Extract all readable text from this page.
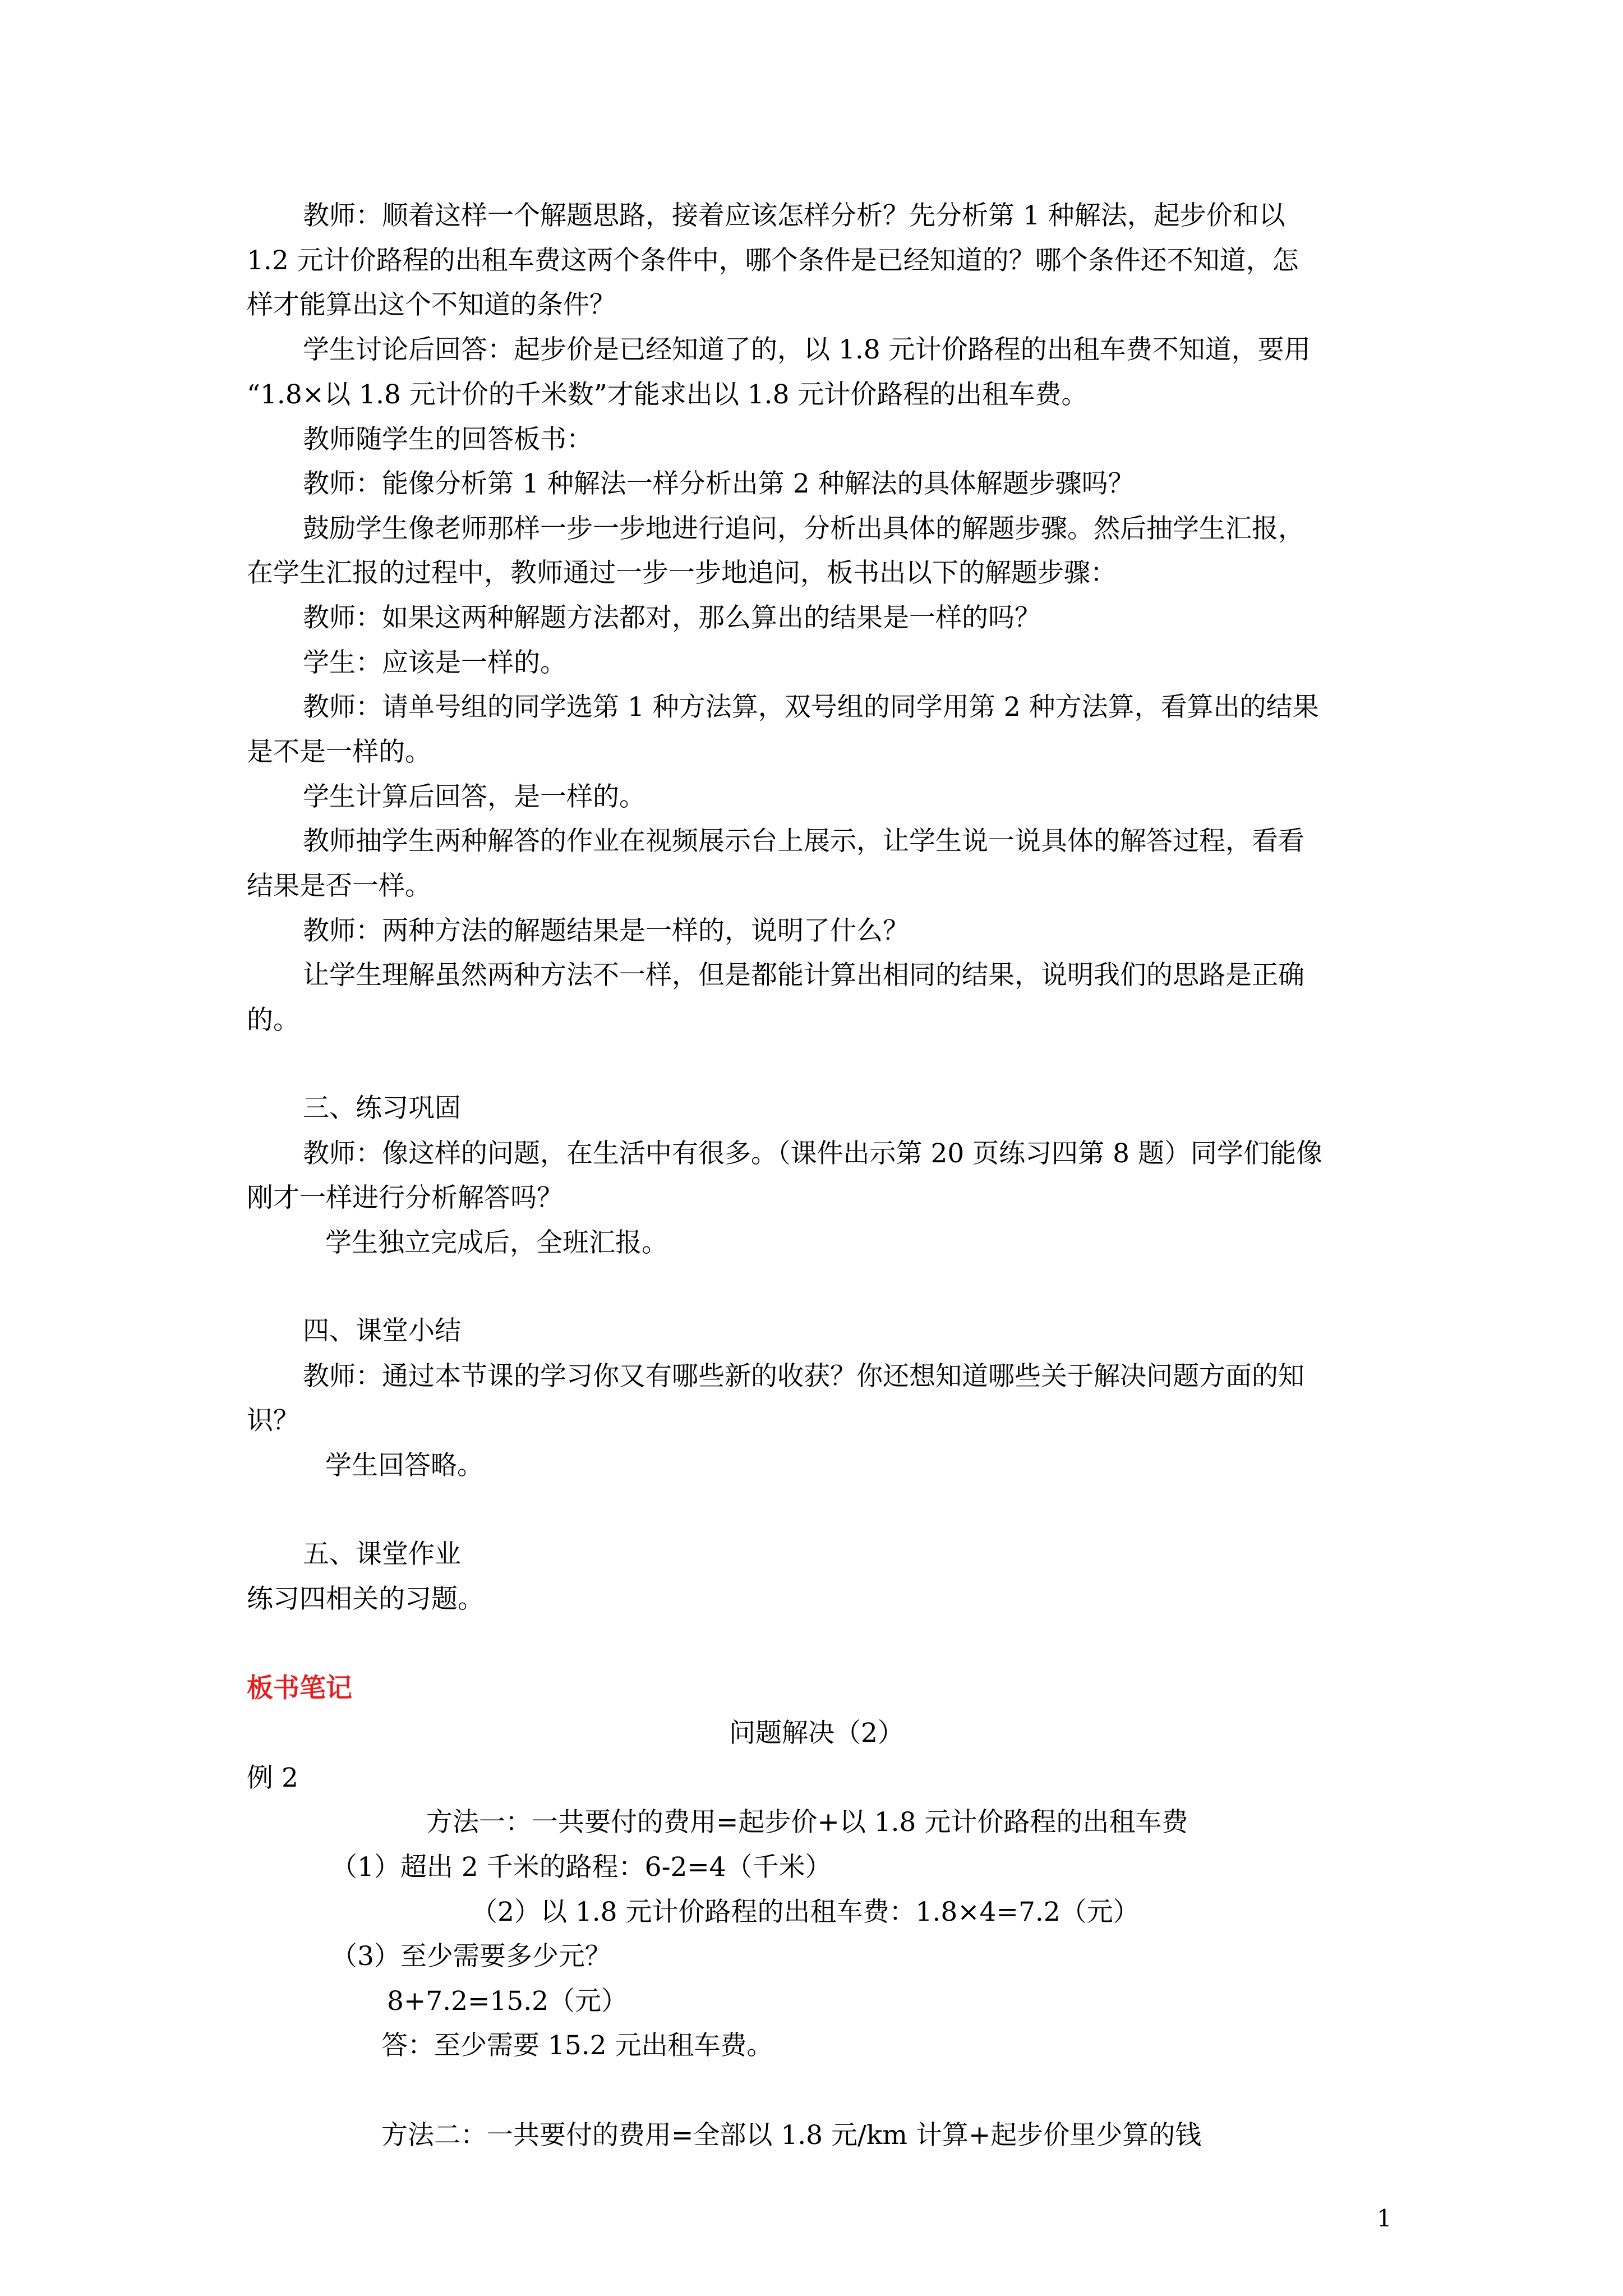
教师：顺着这样一个解题思路，接着应该怎样分析？先分析第 1 种解法，起步价和以
1.2 元计价路程的出租车费这两个条件中，哪个条件是已经知道的？哪个条件还不知道，怎
样才能算出这个不知道的条件？
学生讨论后回答：起步价是已经知道了的，以 1.8 元计价路程的出租车费不知道，要用
“1.8×以 1.8 元计价的千米数”才能求出以 1.8 元计价路程的出租车费。
教师随学生的回答板书：
教师：能像分析第 1 种解法一样分析出第 2 种解法的具体解题步骤吗？
鼓励学生像老师那样一步一步地进行追问，分析出具体的解题步骤。然后抽学生汇报，
在学生汇报的过程中，教师通过一步一步地追问，板书出以下的解题步骤：
教师：如果这两种解题方法都对，那么算出的结果是一样的吗？
学生：应该是一样的。
教师：请单号组的同学选第 1 种方法算，双号组的同学用第 2 种方法算，看算出的结果
是不是一样的。
学生计算后回答，是一样的。
教师抽学生两种解答的作业在视频展示台上展示，让学生说一说具体的解答过程，看看
结果是否一样。
教师：两种方法的解题结果是一样的，说明了什么？
让学生理解虽然两种方法不一样，但是都能计算出相同的结果，说明我们的思路是正确
的。
三、练习巩固
教师：像这样的问题，在生活中有很多。（课件出示第 20 页练习四第 8 题）同学们能像
刚才一样进行分析解答吗？
学生独立完成后，全班汇报。
四、课堂小结
教师：通过本节课的学习你又有哪些新的收获？你还想知道哪些关于解决问题方面的知
识？
学生回答略。
五、课堂作业
练习四相关的习题。
板书笔记
问题解决（2）
例 2
方法一：一共要付的费用=起步价+以 1.8 元计价路程的出租车费
（1）超出 2 千米的路程：6-2=4（千米）
（2）以 1.8 元计价路程的出租车费：1.8×4=7.2（元）
（3）至少需要多少元？
8+7.2=15.2（元）
答：至少需要 15.2 元出租车费。
方法二：一共要付的费用=全部以 1.8 元/km 计算+起步价里少算的钱
1
